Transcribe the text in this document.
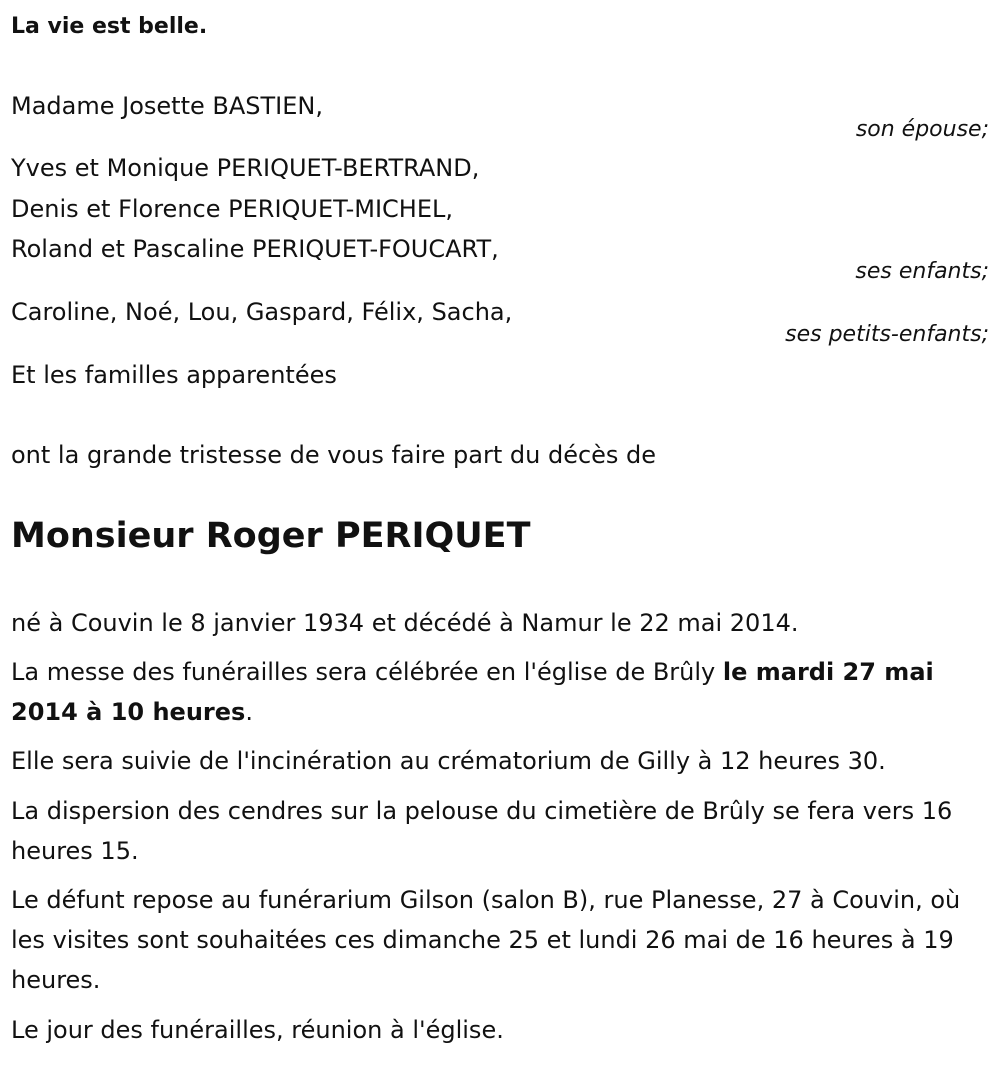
La vie est belle.
Madame Josette BASTIEN,
son épouse;
Yves et Monique PERIQUET-BERTRAND,
Denis et Florence PERIQUET-MICHEL,
Roland et Pascaline PERIQUET-FOUCART,
ses enfants;
Caroline, Noé, Lou, Gaspard, Félix, Sacha,
ses petits-enfants;
Et les familles apparentées
ont la grande tristesse de vous faire part du décès de
Monsieur Roger PERIQUET
né à Couvin le 8 janvier 1934 et décédé à Namur le 22 mai 2014.
La messe des funérailles sera célébrée en l'église de Brûly le mardi 27 mai 2014 à 10 heures.
Elle sera suivie de l'incinération au crématorium de Gilly à 12 heures 30.
La dispersion des cendres sur la pelouse du cimetière de Brûly se fera vers 16 heures 15.
Le défunt repose au funérarium Gilson (salon B), rue Planesse, 27 à Couvin, où les visites sont souhaitées ces dimanche 25 et lundi 26 mai de 16 heures à 19 heures.
Le jour des funérailles, réunion à l'église.
